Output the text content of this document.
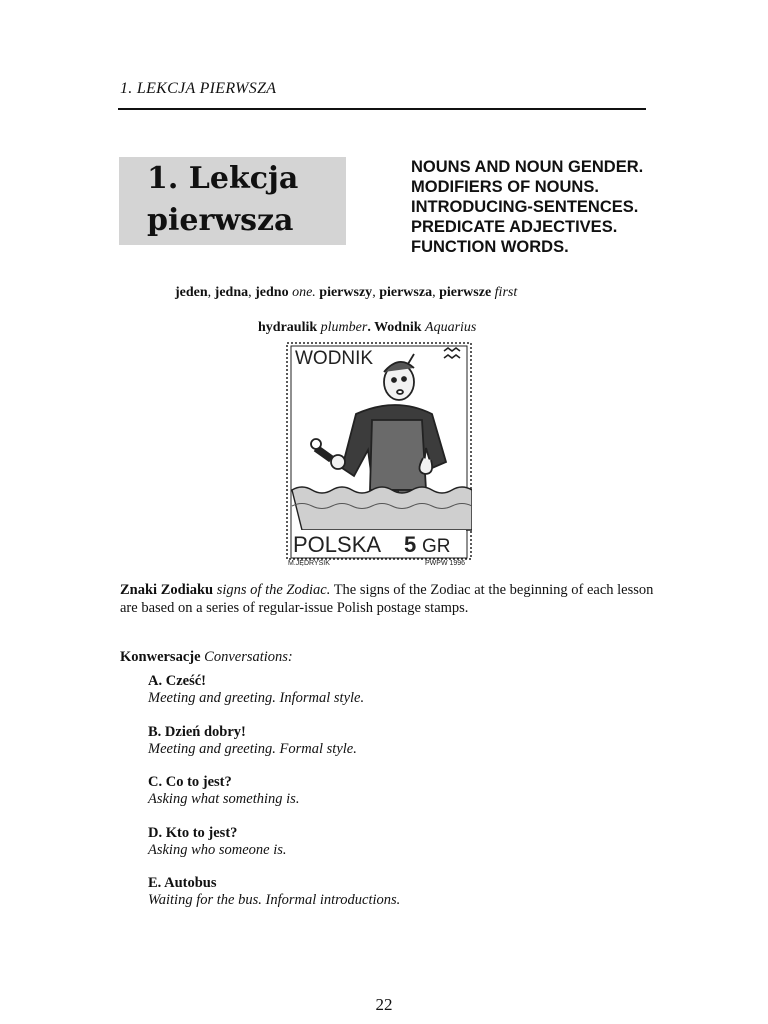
1. LEKCJA PIERWSZA
1. Lekcja
pierwsza
NOUNS AND NOUN GENDER.
MODIFIERS OF NOUNS.
INTRODUCING-SENTENCES.
PREDICATE ADJECTIVES.
FUNCTION WORDS.
jeden, jedna, jedno one. pierwszy, pierwsza, pierwsze first
hydraulik plumber. Wodnik Aquarius
WODNIK
POLSKA 5 GR
M.JĘDRYSIK	PWPW 1996
Znaki Zodiaku signs of the Zodiac. The signs of the Zodiac at the beginning of each lesson are based on a series of regular-issue Polish postage stamps.
Konwersacje Conversations:
A. Cześć!
Meeting and greeting. Informal style.
B. Dzień dobry!
Meeting and greeting. Formal style.
C. Co to jest?
Asking what something is.
D. Kto to jest?
Asking who someone is.
E. Autobus
Waiting for the bus. Informal introductions.
22
